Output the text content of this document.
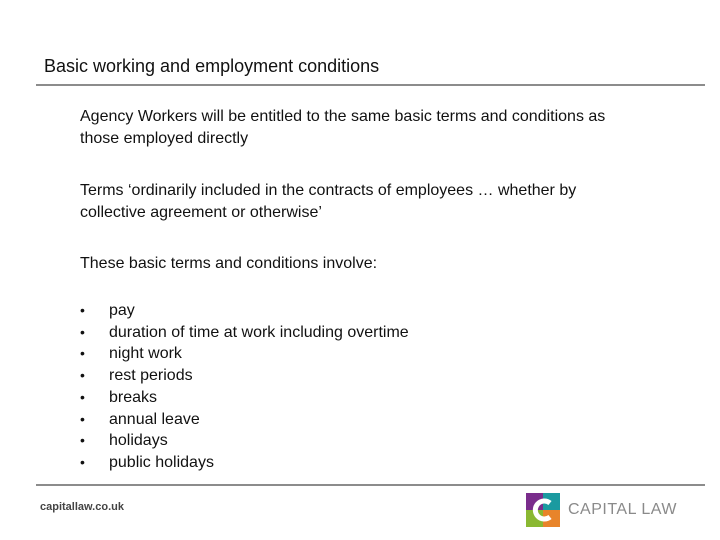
Basic working and employment conditions
Agency Workers will be entitled to the same basic terms and conditions as those employed directly
Terms ‘ordinarily included in the contracts of employees … whether by collective agreement or otherwise’
These basic terms and conditions involve:
•	pay
•	duration of time at work including overtime
•	night work
•	rest periods
•	breaks
•	annual leave
•	holidays
•	public holidays
capitallaw.co.uk	CAPITAL LAW
